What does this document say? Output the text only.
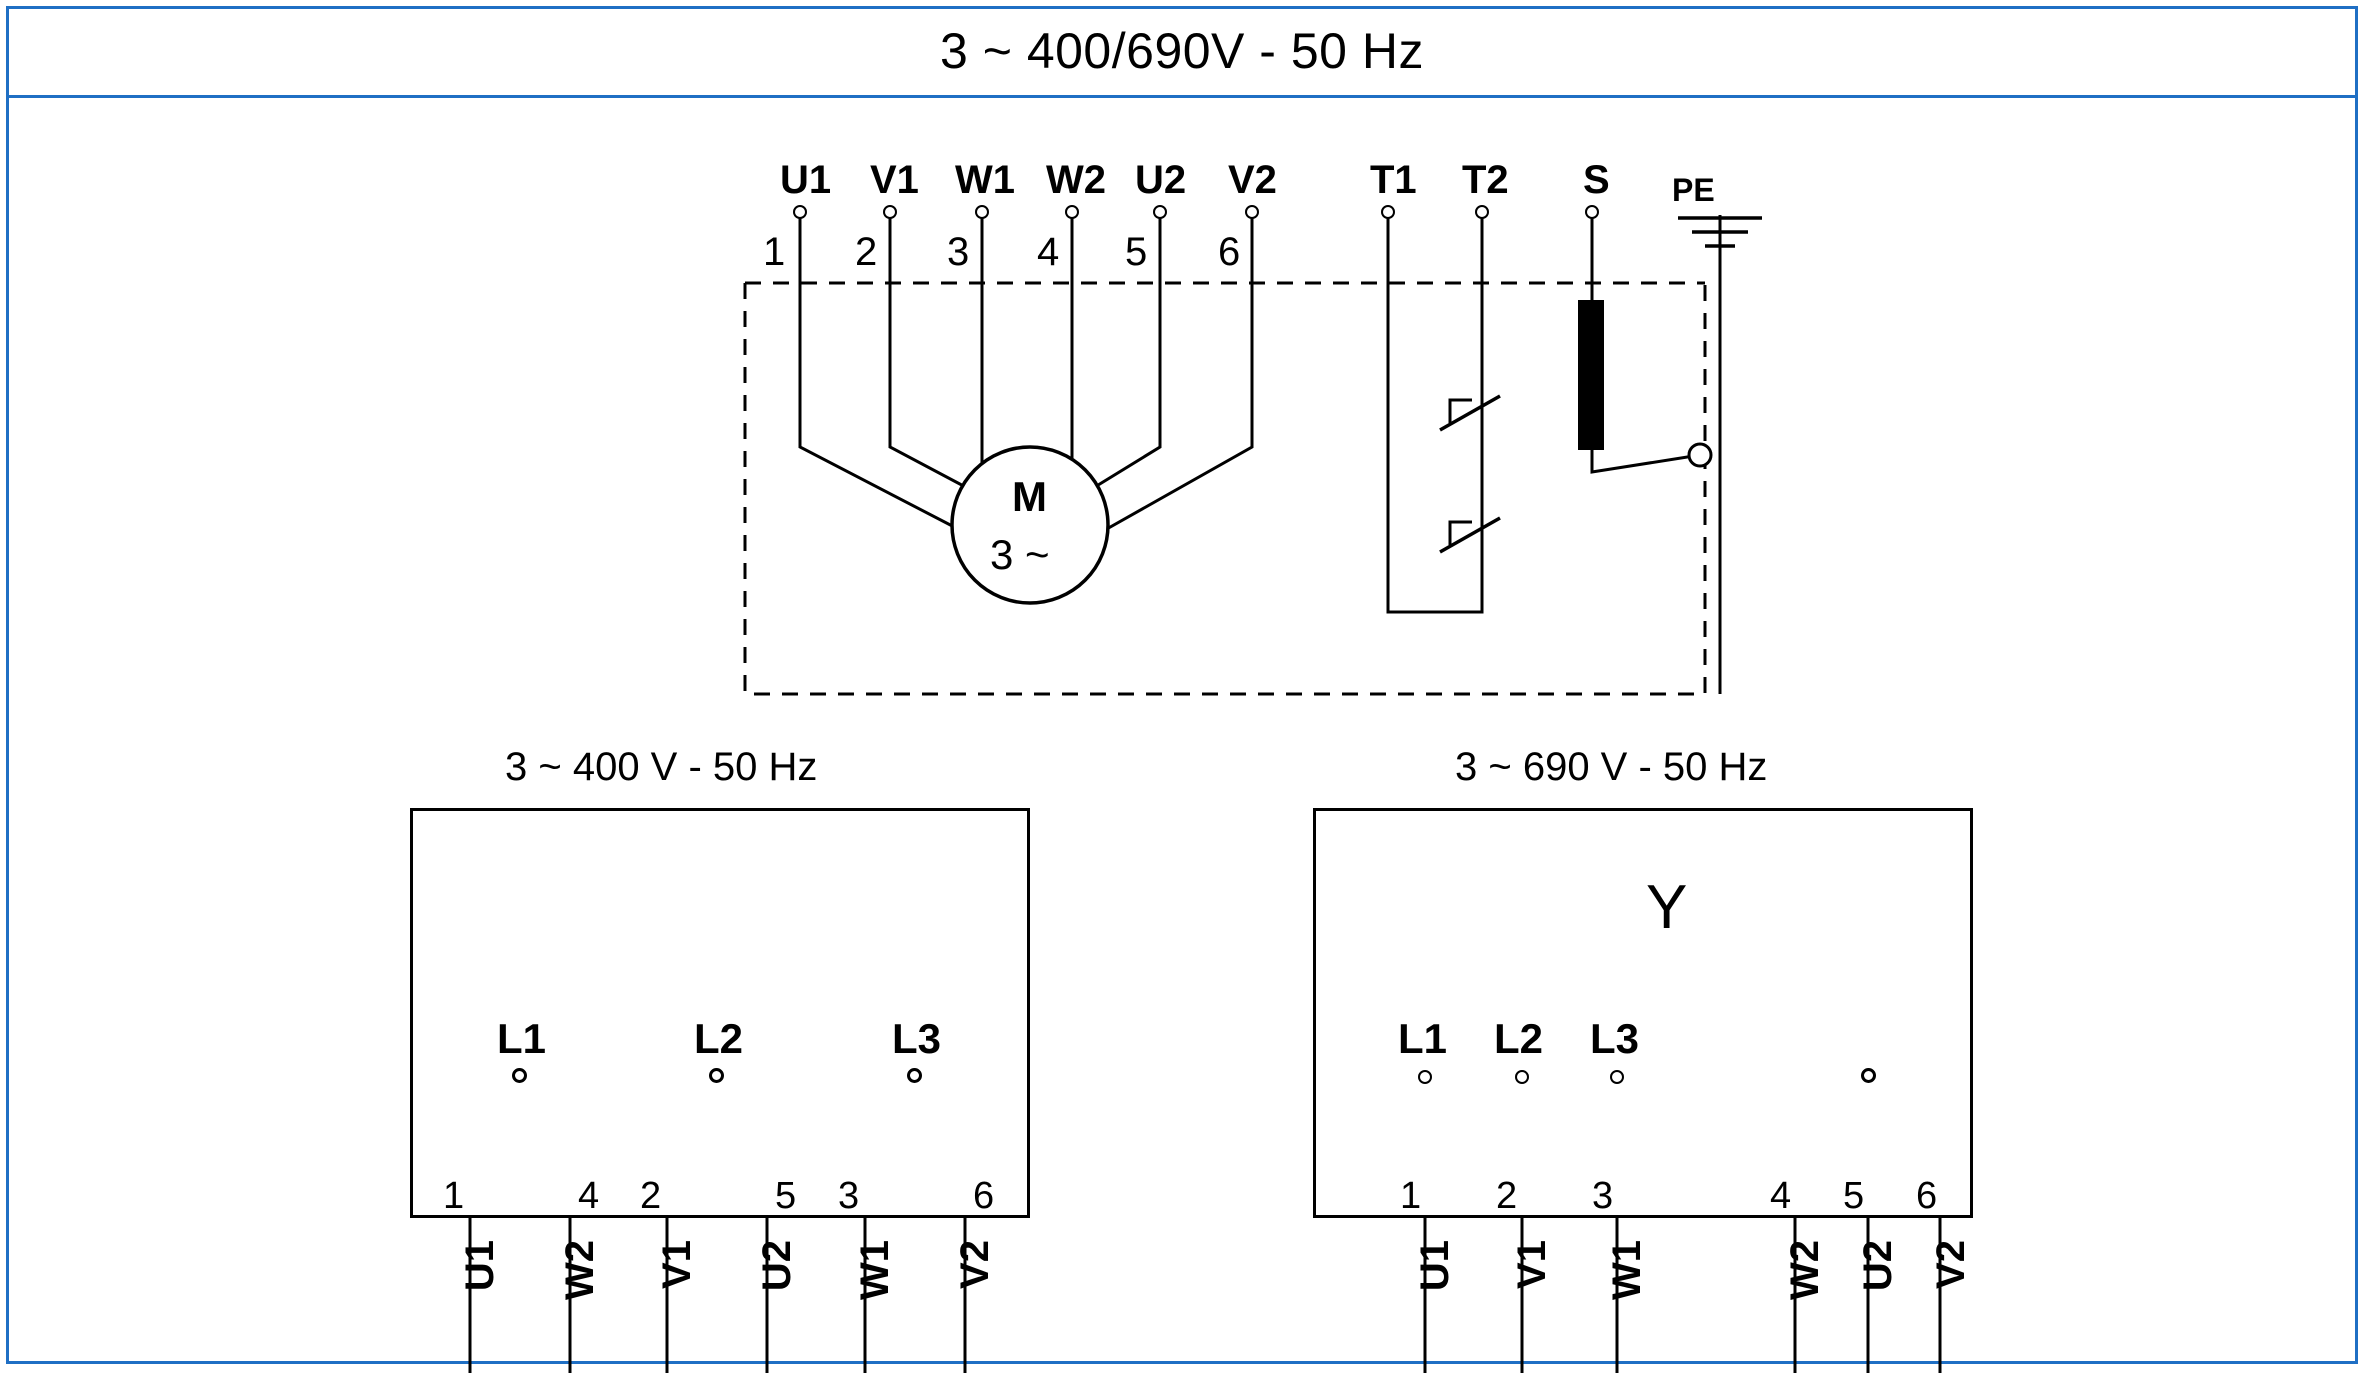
3 ~ 400/690V - 50 Hz
M
3 ~
U1 V1 W1 W2 U2 V2 T1 T2 S PE
1 2 3 4 5 6
3 ~ 400 V - 50 Hz
L1	L2	L3
1	4 2	5 3	6
U1 W2 V1 U2 W1 V2
3 ~ 690 V - 50 Hz
Y
L1 L2 L3
1 2 3	4 5 6
U1 V1 W1	W2 U2 V2
